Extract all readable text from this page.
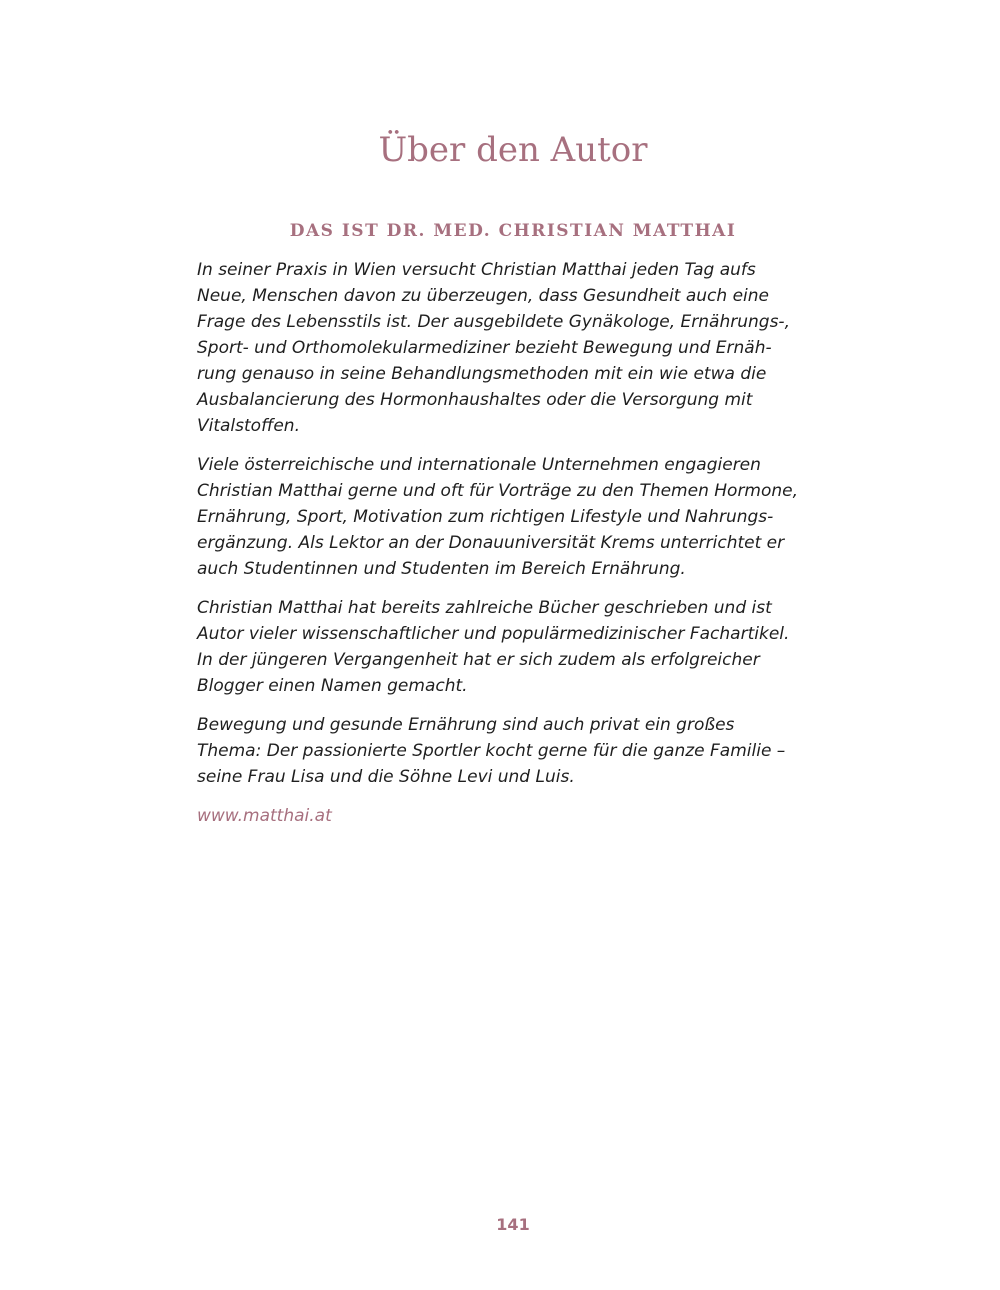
Über den Autor
DAS IST DR. MED. CHRISTIAN MATTHAI

In seiner Praxis in Wien versucht Christian Matthai jeden Tag aufs
Neue, Menschen davon zu überzeugen, dass Gesundheit auch eine
Frage des Lebensstils ist. Der ausgebildete Gynäkologe, Ernährungs-,
Sport- und Orthomolekularmediziner bezieht Bewegung und Ernäh-
rung genauso in seine Behandlungsmethoden mit ein wie etwa die
Ausbalancierung des Hormonhaushaltes oder die Versorgung mit
Vitalstoffen.

Viele österreichische und internationale Unternehmen engagieren
Christian Matthai gerne und oft für Vorträge zu den Themen Hormone,
Ernährung, Sport, Motivation zum richtigen Lifestyle und Nahrungs-
ergänzung. Als Lektor an der Donauuniversität Krems unterrichtet er
auch Studentinnen und Studenten im Bereich Ernährung.

Christian Matthai hat bereits zahlreiche Bücher geschrieben und ist
Autor vieler wissenschaftlicher und populärmedizinischer Fachartikel.
In der jüngeren Vergangenheit hat er sich zudem als erfolgreicher
Blogger einen Namen gemacht.

Bewegung und gesunde Ernährung sind auch privat ein großes
Thema: Der passionierte Sportler kocht gerne für die ganze Familie –
seine Frau Lisa und die Söhne Levi und Luis.

www.matthai.at
141
